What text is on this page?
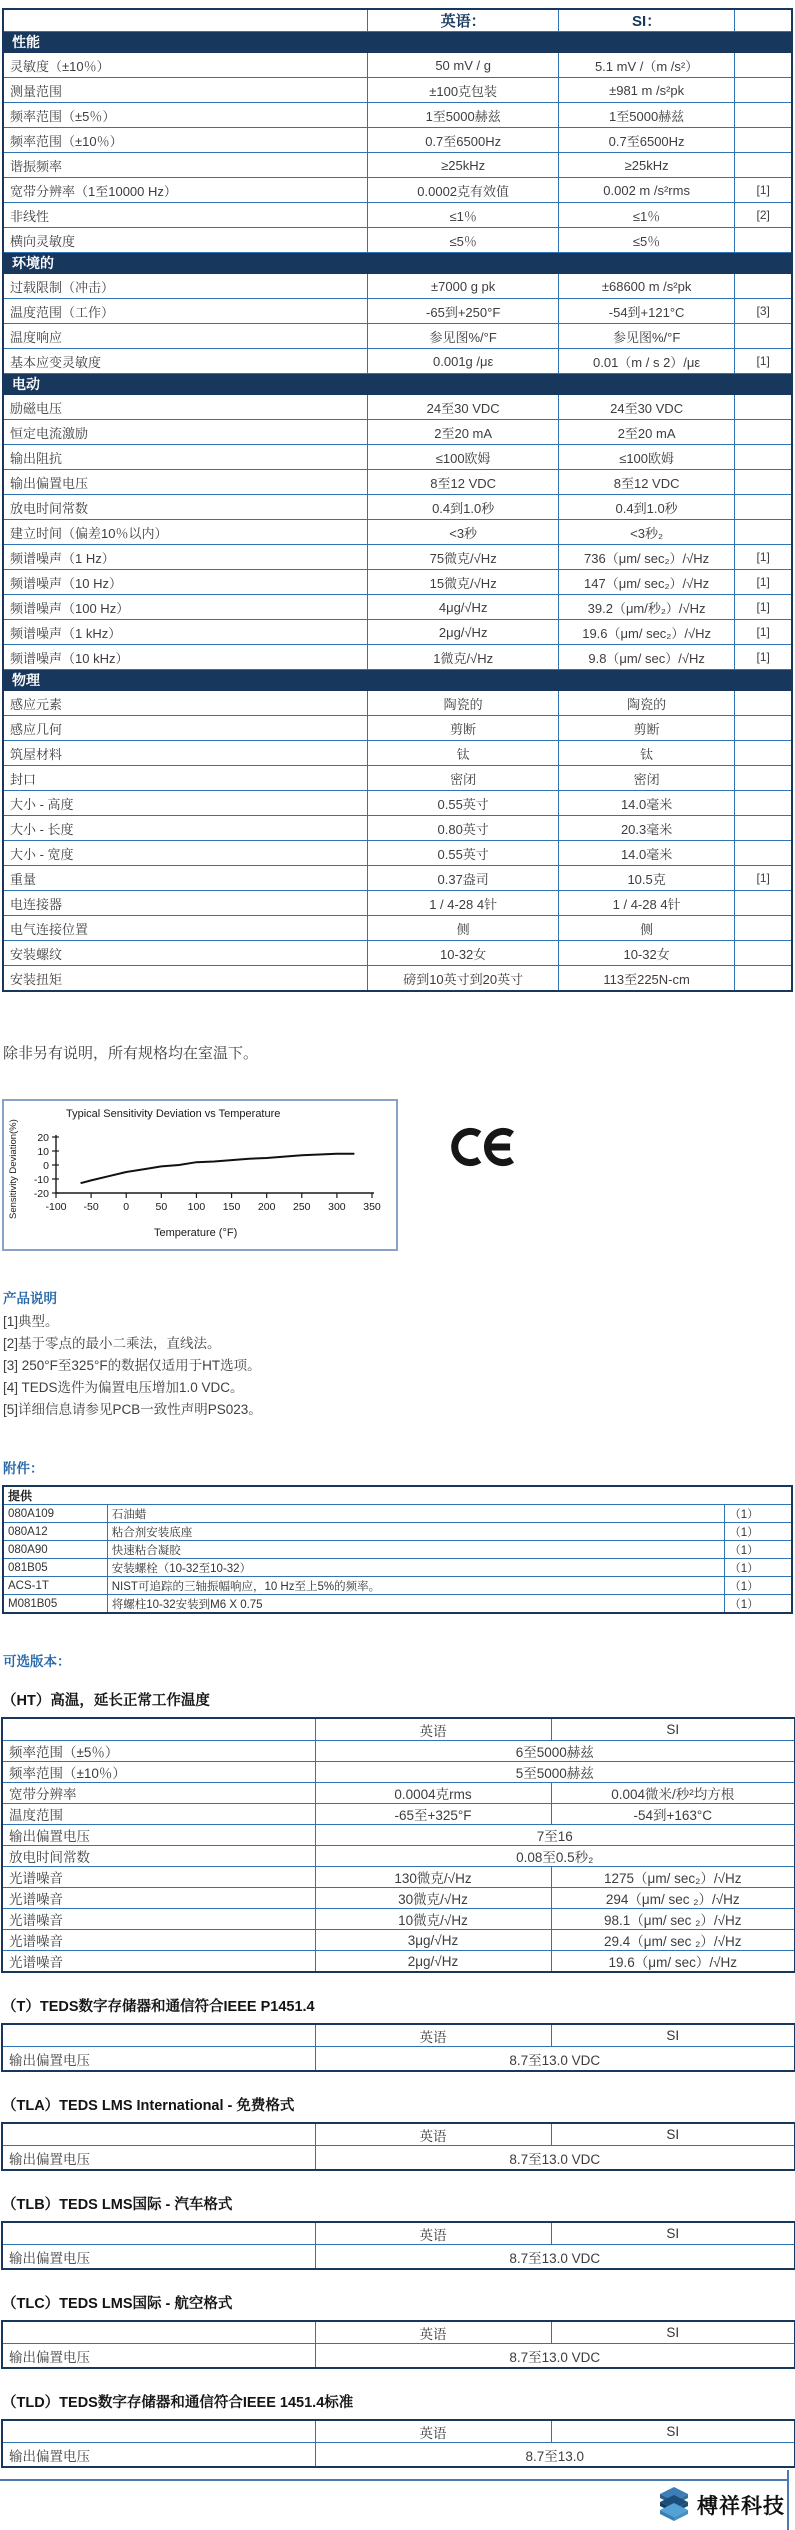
	英语：	SI：	
性能			
灵敏度（±10％）	50 mV / g	5.1 mV /（m /s²）	
测量范围	±100克包装	±981 m /s²pk	
频率范围（±5％）	1至5000赫兹	1至5000赫兹	
频率范围（±10％）	0.7至6500Hz	0.7至6500Hz	
谐振频率	≥25kHz	≥25kHz	
宽带分辨率（1至10000 Hz）	0.0002克有效值	0.002 m /s²rms	[1]
非线性	≤1％	≤1％	[2]
横向灵敏度	≤5％	≤5％	
环境的			
过载限制（冲击）	±7000 g pk	±68600 m /s²pk	
温度范围（工作）	-65到+250°F	-54到+121°C	[3]
温度响应	参见图%/°F	参见图%/°F	
基本应变灵敏度	0.001g /με	0.01（m / s 2）/με	[1]
电动			
励磁电压	24至30 VDC	24至30 VDC	
恒定电流激励	2至20 mA	2至20 mA	
输出阻抗	≤100欧姆	≤100欧姆	
输出偏置电压	8至12 VDC	8至12 VDC	
放电时间常数	0.4到1.0秒	0.4到1.0秒	
建立时间（偏差10％以内）	<3秒	<3秒₂	
频谱噪声（1 Hz）	75微克/√Hz	736（μm/ sec₂）/√Hz	[1]
频谱噪声（10 Hz）	15微克/√Hz	147（μm/ sec₂）/√Hz	[1]
频谱噪声（100 Hz）	4μg/√Hz	39.2（μm/秒₂）/√Hz	[1]
频谱噪声（1 kHz）	2μg/√Hz	19.6（μm/ sec₂）/√Hz	[1]
频谱噪声（10 kHz）	1微克/√Hz	9.8（μm/ sec）/√Hz	[1]
物理			
感应元素	陶瓷的	陶瓷的	
感应几何	剪断	剪断	
筑屋材料	钛	钛	
封口	密闭	密闭	
大小 - 高度	0.55英寸	14.0毫米	
大小 - 长度	0.80英寸	20.3毫米	
大小 - 宽度	0.55英寸	14.0毫米	
重量	0.37盎司	10.5克	[1]
电连接器	1 / 4-28 4针	1 / 4-28 4针	
电气连接位置	侧	侧	
安装螺纹	10-32女	10-32女	
安装扭矩	磅到10英寸到20英寸	113至225N-cm	
除非另有说明，所有规格均在室温下。
Typical Sensitivity Deviation vs Temperature
Sensitivity Deviation(%)
Temperature (°F)
20
10
0
-10
-20
-100 -50 0	50 100 150 200 250 300 350
产品说明
[1]典型。
[2]基于零点的最小二乘法，直线法。
[3] 250°F至325°F的数据仅适用于HT选项。
[4] TEDS选件为偏置电压增加1.0 VDC。
[5]详细信息请参见PCB一致性声明PS023。
附件：
提供		
080A109	石油蜡	（1）
080A12	粘合剂安装底座	（1）
080A90	快速粘合凝胶	（1）
081B05	安装螺栓（10-32至10-32）	（1）
ACS-1T	NIST可追踪的三轴振幅响应，10 Hz至上5%的频率。	（1）
M081B05	将螺柱10-32安装到M6 X 0.75	（1）
可选版本：
（HT）高温，延长正常工作温度
	英语	SI
频率范围（±5％）	6至5000赫兹	
频率范围（±10％）	5至5000赫兹	
宽带分辨率	0.0004克rms	0.004微米/秒²均方根
温度范围	-65至+325°F	-54到+163°C
输出偏置电压	7至16	
放电时间常数	0.08至0.5秒₂	
光谱噪音	130微克/√Hz	1275（μm/ sec₂）/√Hz
光谱噪音	30微克/√Hz	294（μm/ sec ₂）/√Hz
光谱噪音	10微克/√Hz	98.1（μm/ sec ₂）/√Hz
光谱噪音	3μg/√Hz	29.4（μm/ sec ₂）/√Hz
光谱噪音	2μg/√Hz	19.6（μm/ sec）/√Hz
（T）TEDS数字存储器和通信符合IEEE P1451.4
	英语	SI
输出偏置电压	8.7至13.0 VDC	
（TLA）TEDS LMS International - 免费格式
	英语	SI
输出偏置电压	8.7至13.0 VDC	
（TLB）TEDS LMS国际 - 汽车格式
	英语	SI
输出偏置电压	8.7至13.0 VDC	
（TLC）TEDS LMS国际 - 航空格式
	英语	SI
输出偏置电压	8.7至13.0 VDC	
（TLD）TEDS数字存储器和通信符合IEEE 1451.4标准
	英语	SI
输出偏置电压	8.7至13.0	
榑祥科技
